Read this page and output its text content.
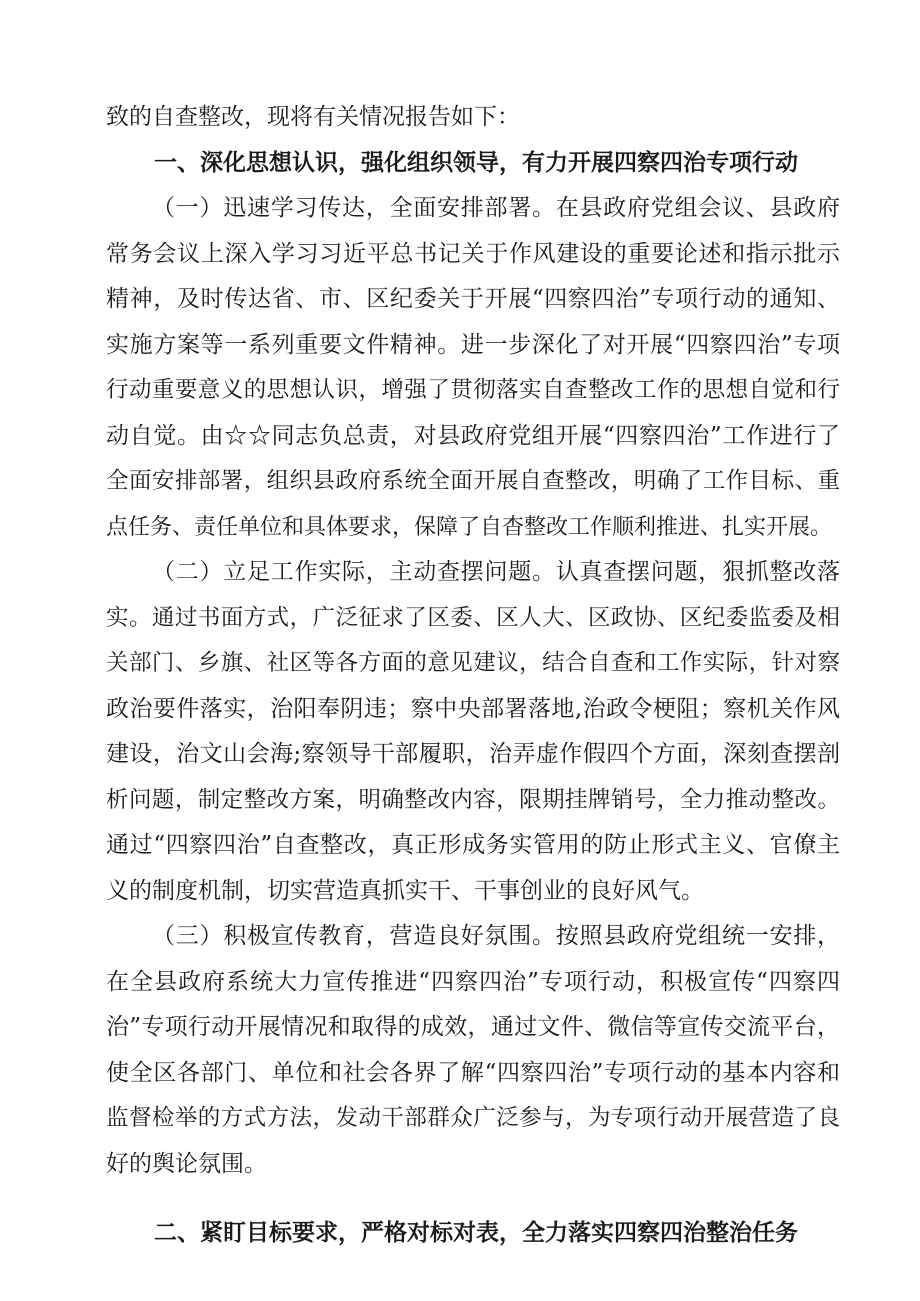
致的自查整改，现将有关情况报告如下：
一、深化思想认识，强化组织领导，有力开展四察四治专项行动
（一）迅速学习传达，全面安排部署。在县政府党组会议、县政府
常务会议上深入学习习近平总书记关于作风建设的重要论述和指示批示
精神，及时传达省、市、区纪委关于开展“四察四治”专项行动的通知、
实施方案等一系列重要文件精神。进一步深化了对开展“四察四治”专项
行动重要意义的思想认识，增强了贯彻落实自查整改工作的思想自觉和行
动自觉。由☆☆同志负总责，对县政府党组开展“四察四治”工作进行了
全面安排部署，组织县政府系统全面开展自查整改，明确了工作目标、重
点任务、责任单位和具体要求，保障了自杳整改工作顺利推进、扎实开展。
（二）立足工作实际，主动查摆问题。认真查摆问题，狠抓整改落
实。通过书面方式，广泛征求了区委、区人大、区政协、区纪委监委及相
关部门、乡旗、社区等各方面的意见建议，结合自查和工作实际，针对察
政治要件落实，治阳奉阴违；察中央部署落地,治政令梗阻；察机关作风
建设，治文山会海;察领导干部履职，治弄虚作假四个方面，深刻查摆剖
析问题，制定整改方案，明确整改内容，限期挂牌销号，全力推动整改。
通过“四察四治”自查整改，真正形成务实管用的防止形式主义、官僚主
义的制度机制，切实营造真抓实干、干事创业的良好风气。
（三）积极宣传教育，营造良好氛围。按照县政府党组统一安排，
在全县政府系统大力宣传推进“四察四治”专项行动，积极宣传“四察四
治”专项行动开展情况和取得的成效，通过文件、微信等宣传交流平台，
使全区各部门、单位和社会各界了解“四察四治”专项行动的基本内容和
监督检举的方式方法，发动干部群众广泛参与，为专项行动开展营造了良
好的舆论氛围。
二、紧盯目标要求，严格对标对表，全力落实四察四治整治任务
